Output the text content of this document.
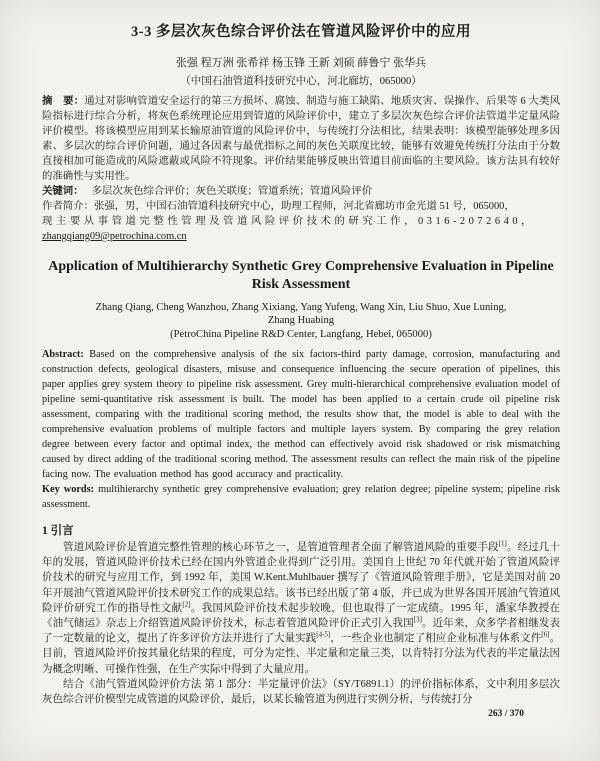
3-3 多层次灰色综合评价法在管道风险评价中的应用
张强 程万洲 张希祥 杨玉锋 王新 刘硕 薛鲁宁 张华兵
（中国石油管道科技研究中心，河北廊坊，065000）

摘　要：通过对影响管道安全运行的第三方损坏、腐蚀、制造与施工缺陷、地质灾害、误操作、后果等 6 大类风险指标进行综合分析，将灰色系统理论应用到管道的风险评价中，建立了多层次灰色综合评价法管道半定量风险评价模型。将该模型应用到某长输原油管道的风险评价中，与传统打分法相比，结果表明：该模型能够处理多因素、多层次的综合评价问题，通过各因素与最优指标之间的灰色关联度比较，能够有效避免传统打分法由于分数直接相加可能造成的风险遮蔽或风险不符现象。评价结果能够反映出管道目前面临的主要风险。该方法具有较好的准确性与实用性。

关键词： 多层次灰色综合评价；灰色关联度；管道系统；管道风险评价

作者简介：张强，男，中国石油管道科技研究中心，助理工程师，河北省廊坊市金光道 51 号，065000，
现主要从事管道完整性管理及管道风险评价技术的研究工作，0316-2072640，
zhangqiang09@petrochina.com.cn
Application of Multihierarchy Synthetic Grey Comprehensive Evaluation in Pipeline Risk Assessment
Zhang Qiang, Cheng Wanzhou, Zhang Xixiang, Yang Yufeng, Wang Xin, Liu Shuo, Xue Luning, Zhang Huabing
(PetroChina Pipeline R&D Center, Langfang, Hebei, 065000)

Abstract: Based on the comprehensive analysis of the six factors-third party damage, corrosion, manufacturing and construction defects, geological disasters, misuse and consequence influencing the secure operation of pipelines, this paper applies grey system theory to pipeline risk assessment. Grey multi-hierarchical comprehensive evaluation model of pipeline semi-quantitative risk assessment is built. The model has been applied to a certain crude oil pipeline risk assessment, comparing with the traditional scoring method, the results show that, the model is able to deal with the comprehensive evaluation problems of multiple factors and multiple layers system. By comparing the grey relation degree between every factor and optimal index, the method can effectively avoid risk shadowed or risk mismatching caused by direct adding of the traditional scoring method. The assessment results can reflect the main risk of the pipeline facing now. The evaluation method has good accuracy and practicality.

Key words: multihierarchy synthetic grey comprehensive evaluation; grey relation degree; pipeline system; pipeline risk assessment.

1 引言

管道风险评价是管道完整性管理的核心环节之一，是管道管理者全面了解管道风险的重要手段[1]。经过几十年的发展，管道风险评价技术已经在国内外管道企业得到广泛引用。美国自上世纪 70 年代就开始了管道风险评价技术的研究与应用工作，到 1992 年，美国 W.Kent.Muhlbauer 撰写了《管道风险管理手册》，它是美国对前 20 年开展油气管道风险评价技术研究工作的成果总结。该书已经出版了第 4 版，并已成为世界各国开展油气管道风险评价研究工作的指导性文献[2]。我国风险评价技术起步较晚，但也取得了一定成绩。1995 年，潘家华教授在《油气储运》杂志上介绍管道风险评价技术，标志着管道风险评价正式引入我国[3]。近年来，众多学者相继发表了一定数量的论文，提出了许多评价方法并进行了大量实践[4-5]，一些企业也制定了相应企业标准与体系文件[6]。目前，管道风险评价按其量化结果的程度，可分为定性、半定量和定量三类，以肯特打分法为代表的半定量法因为概念明晰、可操作性强，在生产实际中得到了大量应用。

结合《油气管道风险评价方法 第 1 部分：半定量评价法》（SY/T6891.1）的评价指标体系，文中利用多层次灰色综合评价模型完成管道的风险评价，最后，以某长输管道为例进行实例分析，与传统打分

263 / 370
